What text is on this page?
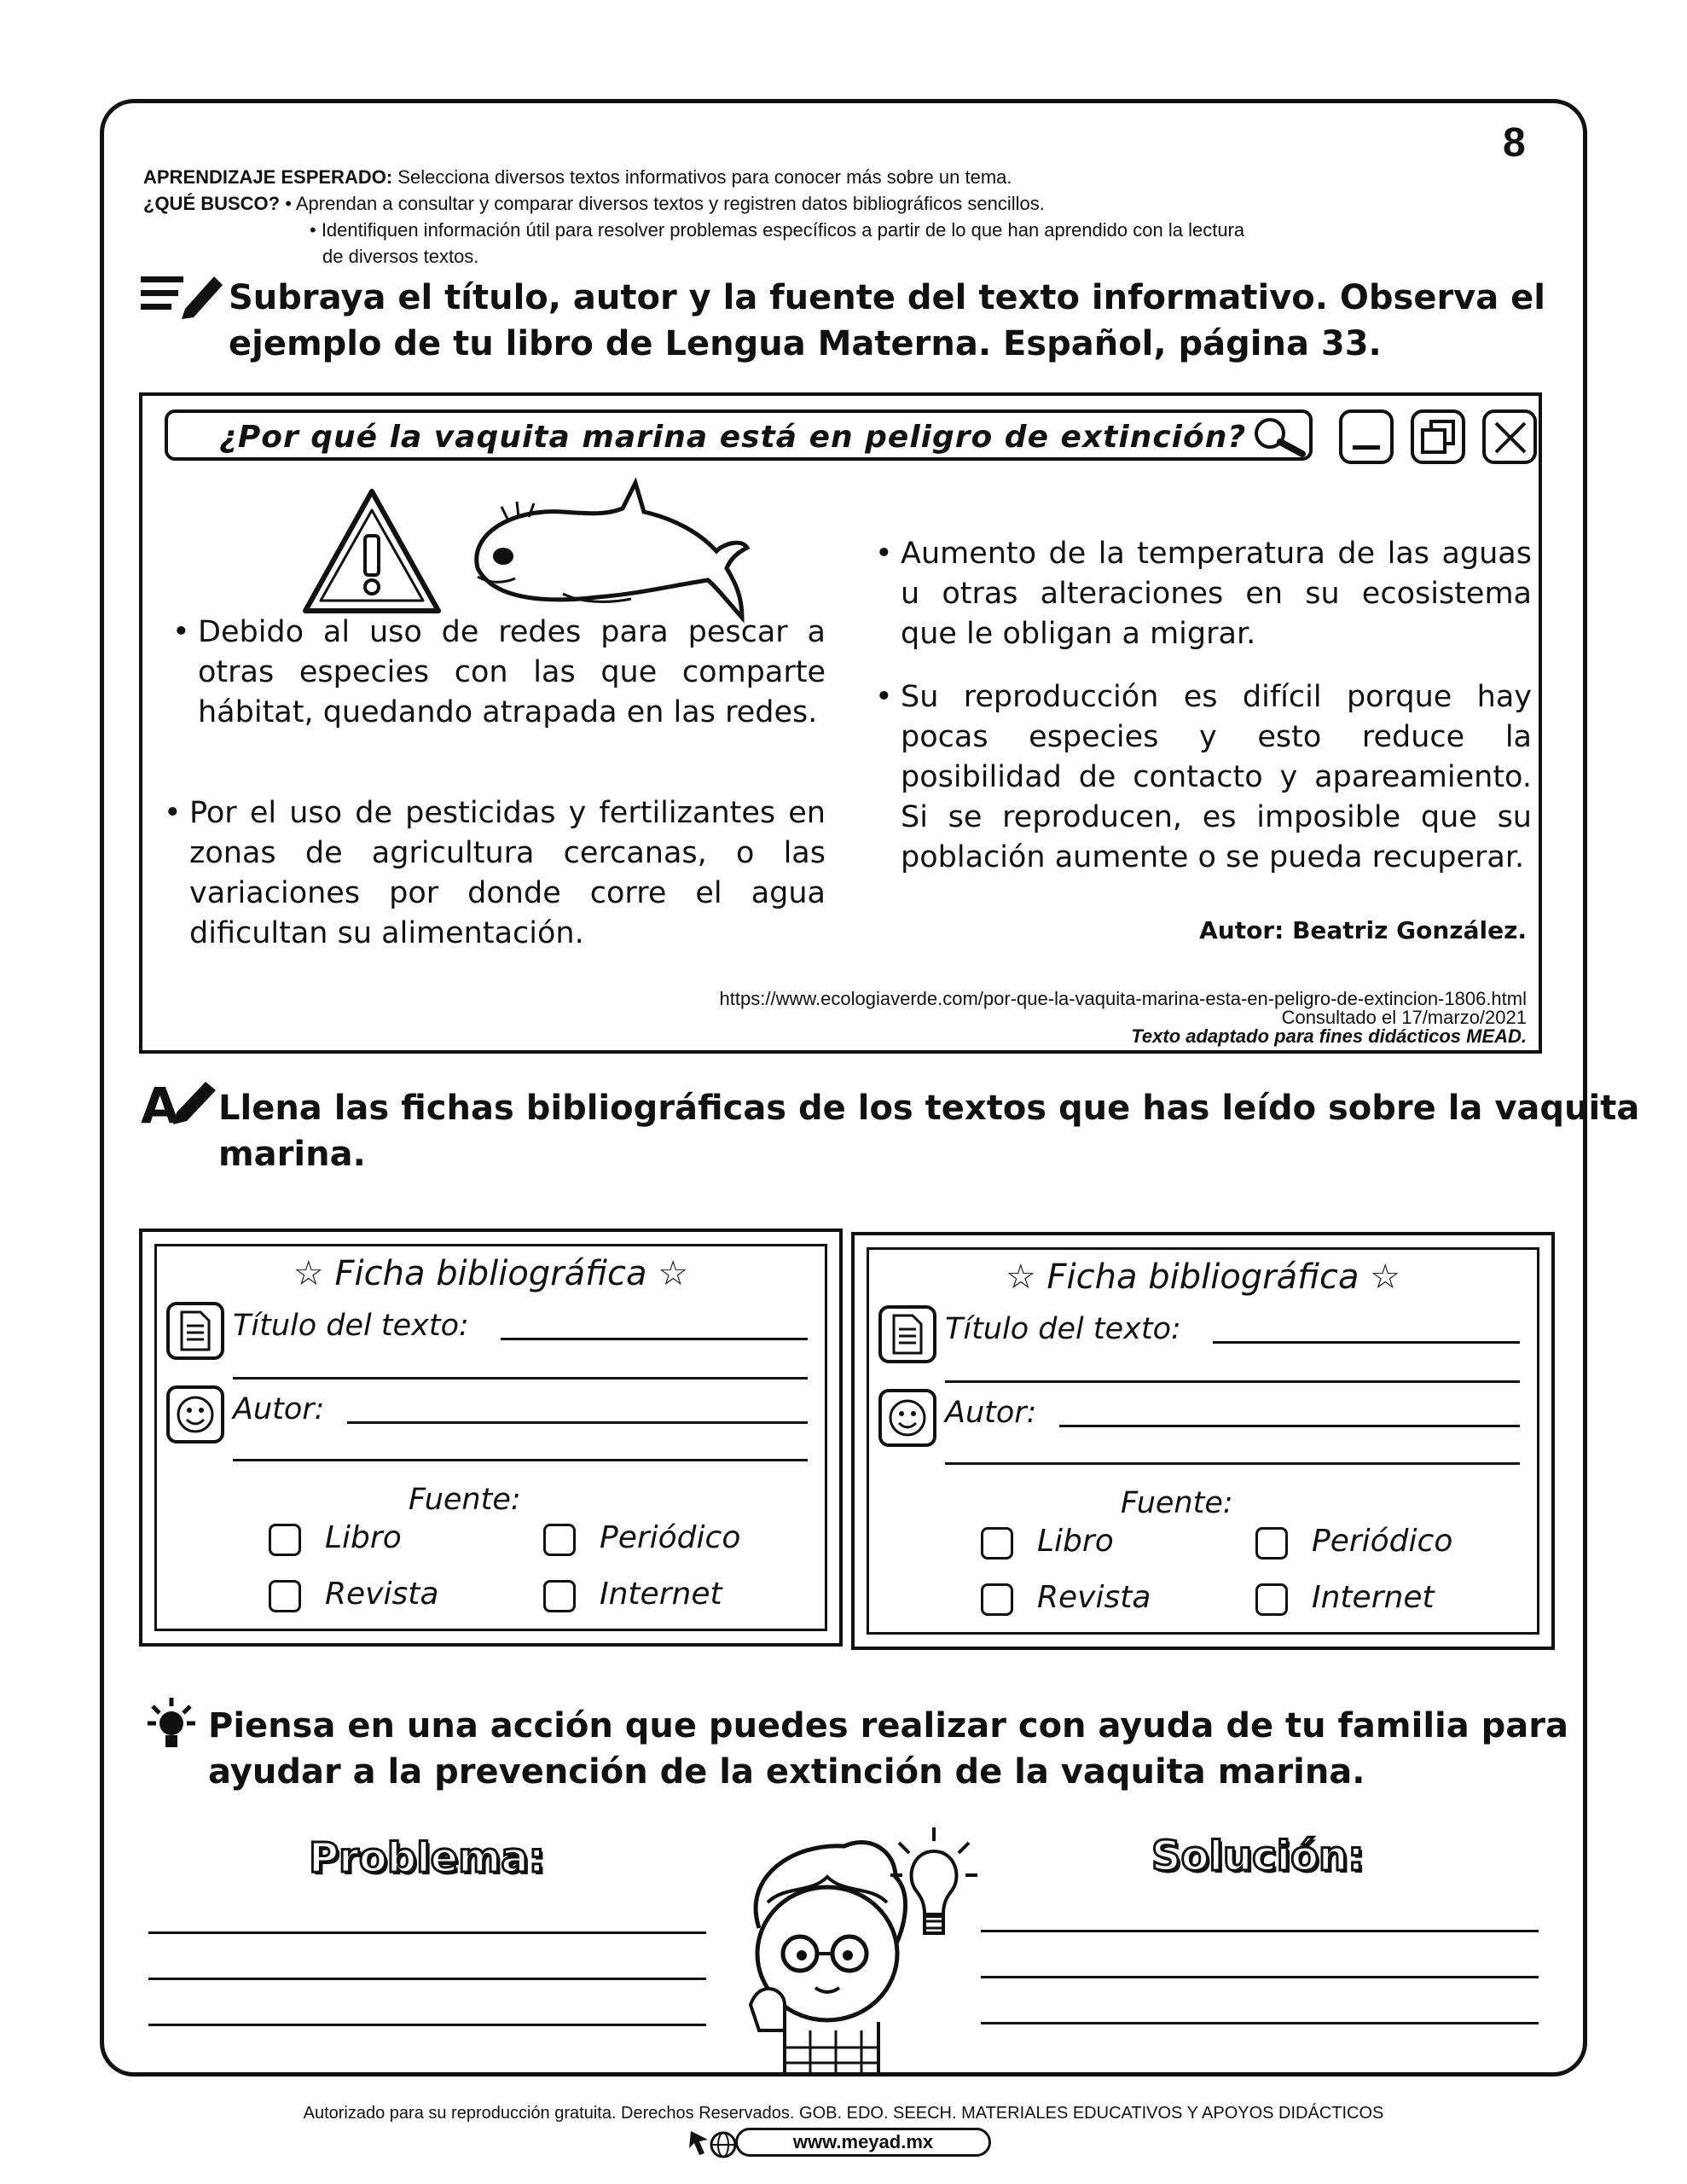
8
APRENDIZAJE ESPERADO: Selecciona diversos textos informativos para conocer más sobre un tema.
¿QUÉ BUSCO? • Aprendan a consultar y comparar diversos textos y registren datos bibliográficos sencillos.
• Identifiquen información útil para resolver problemas específicos a partir de lo que han aprendido con la lectura
de diversos textos.
Subraya el título, autor y la fuente del texto informativo. Observa el
ejemplo de tu libro de Lengua Materna. Español, página 33.
¿Por qué la vaquita marina está en peligro de extinción?
• Debido al uso de redes para pescar a otras especies con las que comparte hábitat, quedando atrapada en las redes.
• Por el uso de pesticidas y fertilizantes en zonas de agricultura cercanas, o las variaciones por donde corre el agua dificultan su alimentación.
• Aumento de la temperatura de las aguas u otras alteraciones en su ecosistema que le obligan a migrar.
• Su reproducción es difícil porque hay pocas especies y esto reduce la posibilidad de contacto y apareamiento. Si se reproducen, es imposible que su población aumente o se pueda recuperar.
Autor: Beatriz González.
https://www.ecologiaverde.com/por-que-la-vaquita-marina-esta-en-peligro-de-extincion-1806.html
Consultado el 17/marzo/2021
Texto adaptado para fines didácticos MEAD.
A Llena las fichas bibliográficas de los textos que has leído sobre la vaquita
marina.
☆ Ficha bibliográfica ☆
Título del texto:
Autor:
Fuente:
Libro	Periódico
Revista	Internet
☆ Ficha bibliográfica ☆
Título del texto:
Autor:
Fuente:
Libro	Periódico
Revista	Internet
Piensa en una acción que puedes realizar con ayuda de tu familia para
ayudar a la prevención de la extinción de la vaquita marina.
Problema:	Solución:
Autorizado para su reproducción gratuita. Derechos Reservados. GOB. EDO. SEECH. MATERIALES EDUCATIVOS Y APOYOS DIDÁCTICOS
www.meyad.mx
